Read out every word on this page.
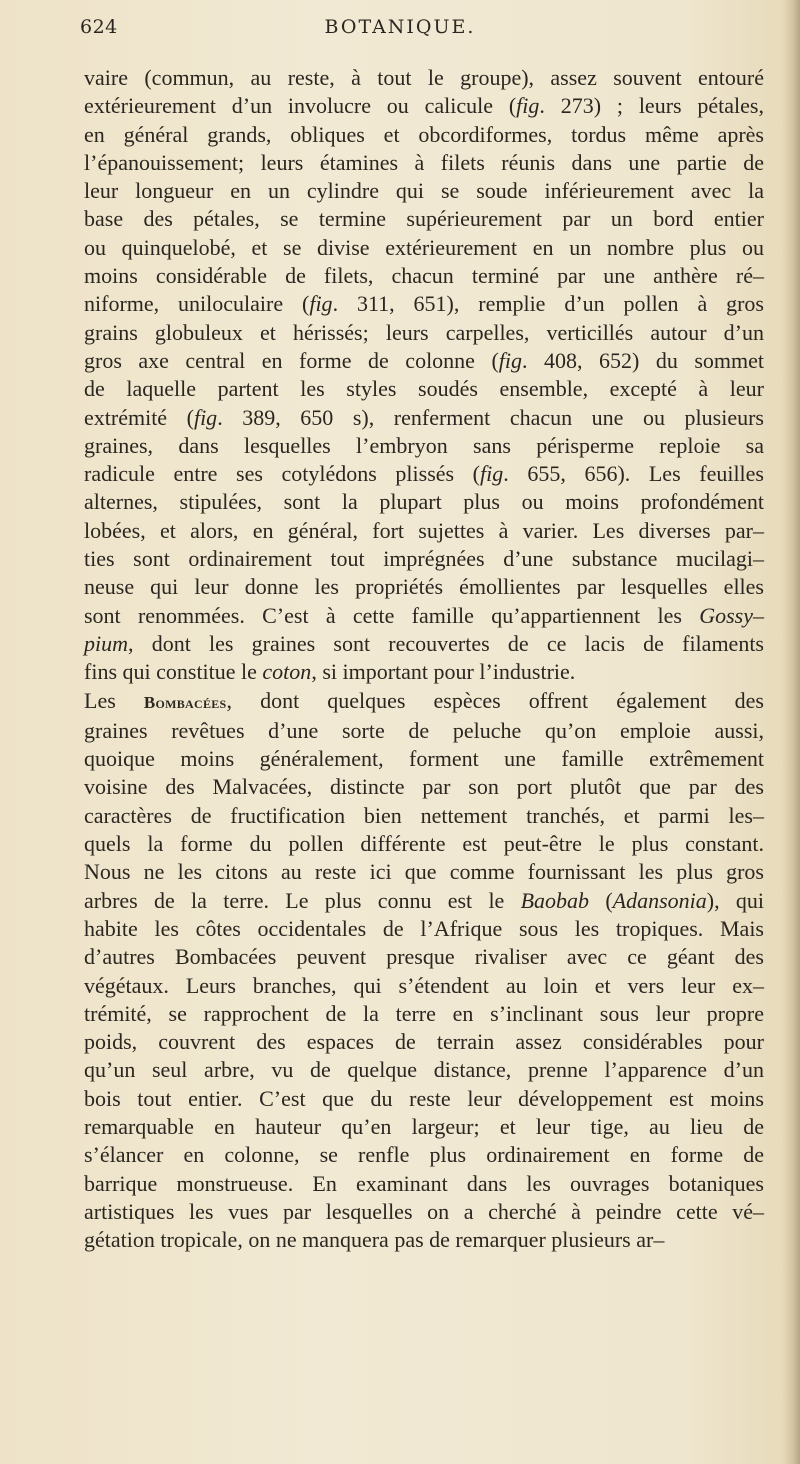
624	BOTANIQUE.
vaire (commun, au reste, à tout le groupe), assez souvent entouré
extérieurement d’un involucre ou calicule (fig. 273) ; leurs pétales,
en général grands, obliques et obcordiformes, tordus même après
l’épanouissement; leurs étamines à filets réunis dans une partie de
leur longueur en un cylindre qui se soude inférieurement avec la
base des pétales, se termine supérieurement par un bord entier
ou quinquelobé, et se divise extérieurement en un nombre plus ou
moins considérable de filets, chacun terminé par une anthère ré–
niforme, uniloculaire (fig. 311, 651), remplie d’un pollen à gros
grains globuleux et hérissés; leurs carpelles, verticillés autour d’un
gros axe central en forme de colonne (fig. 408, 652) du sommet
de laquelle partent les styles soudés ensemble, excepté à leur
extrémité (fig. 389, 650 s), renferment chacun une ou plusieurs
graines, dans lesquelles l’embryon sans périsperme reploie sa
radicule entre ses cotylédons plissés (fig. 655, 656). Les feuilles
alternes, stipulées, sont la plupart plus ou moins profondément
lobées, et alors, en général, fort sujettes à varier. Les diverses par–
ties sont ordinairement tout imprégnées d’une substance mucilagi–
neuse qui leur donne les propriétés émollientes par lesquelles elles
sont renommées. C’est à cette famille qu’appartiennent les Gossy–
pium, dont les graines sont recouvertes de ce lacis de filaments
fins qui constitue le coton, si important pour l’industrie.
Les Bombacées, dont quelques espèces offrent également des
graines revêtues d’une sorte de peluche qu’on emploie aussi,
quoique moins généralement, forment une famille extrêmement
voisine des Malvacées, distincte par son port plutôt que par des
caractères de fructification bien nettement tranchés, et parmi les–
quels la forme du pollen différente est peut-être le plus constant.
Nous ne les citons au reste ici que comme fournissant les plus gros
arbres de la terre. Le plus connu est le Baobab (Adansonia), qui
habite les côtes occidentales de l’Afrique sous les tropiques. Mais
d’autres Bombacées peuvent presque rivaliser avec ce géant des
végétaux. Leurs branches, qui s’étendent au loin et vers leur ex–
trémité, se rapprochent de la terre en s’inclinant sous leur propre
poids, couvrent des espaces de terrain assez considérables pour
qu’un seul arbre, vu de quelque distance, prenne l’apparence d’un
bois tout entier. C’est que du reste leur développement est moins
remarquable en hauteur qu’en largeur; et leur tige, au lieu de
s’élancer en colonne, se renfle plus ordinairement en forme de
barrique monstrueuse. En examinant dans les ouvrages botaniques
artistiques les vues par lesquelles on a cherché à peindre cette vé–
gétation tropicale, on ne manquera pas de remarquer plusieurs ar–
